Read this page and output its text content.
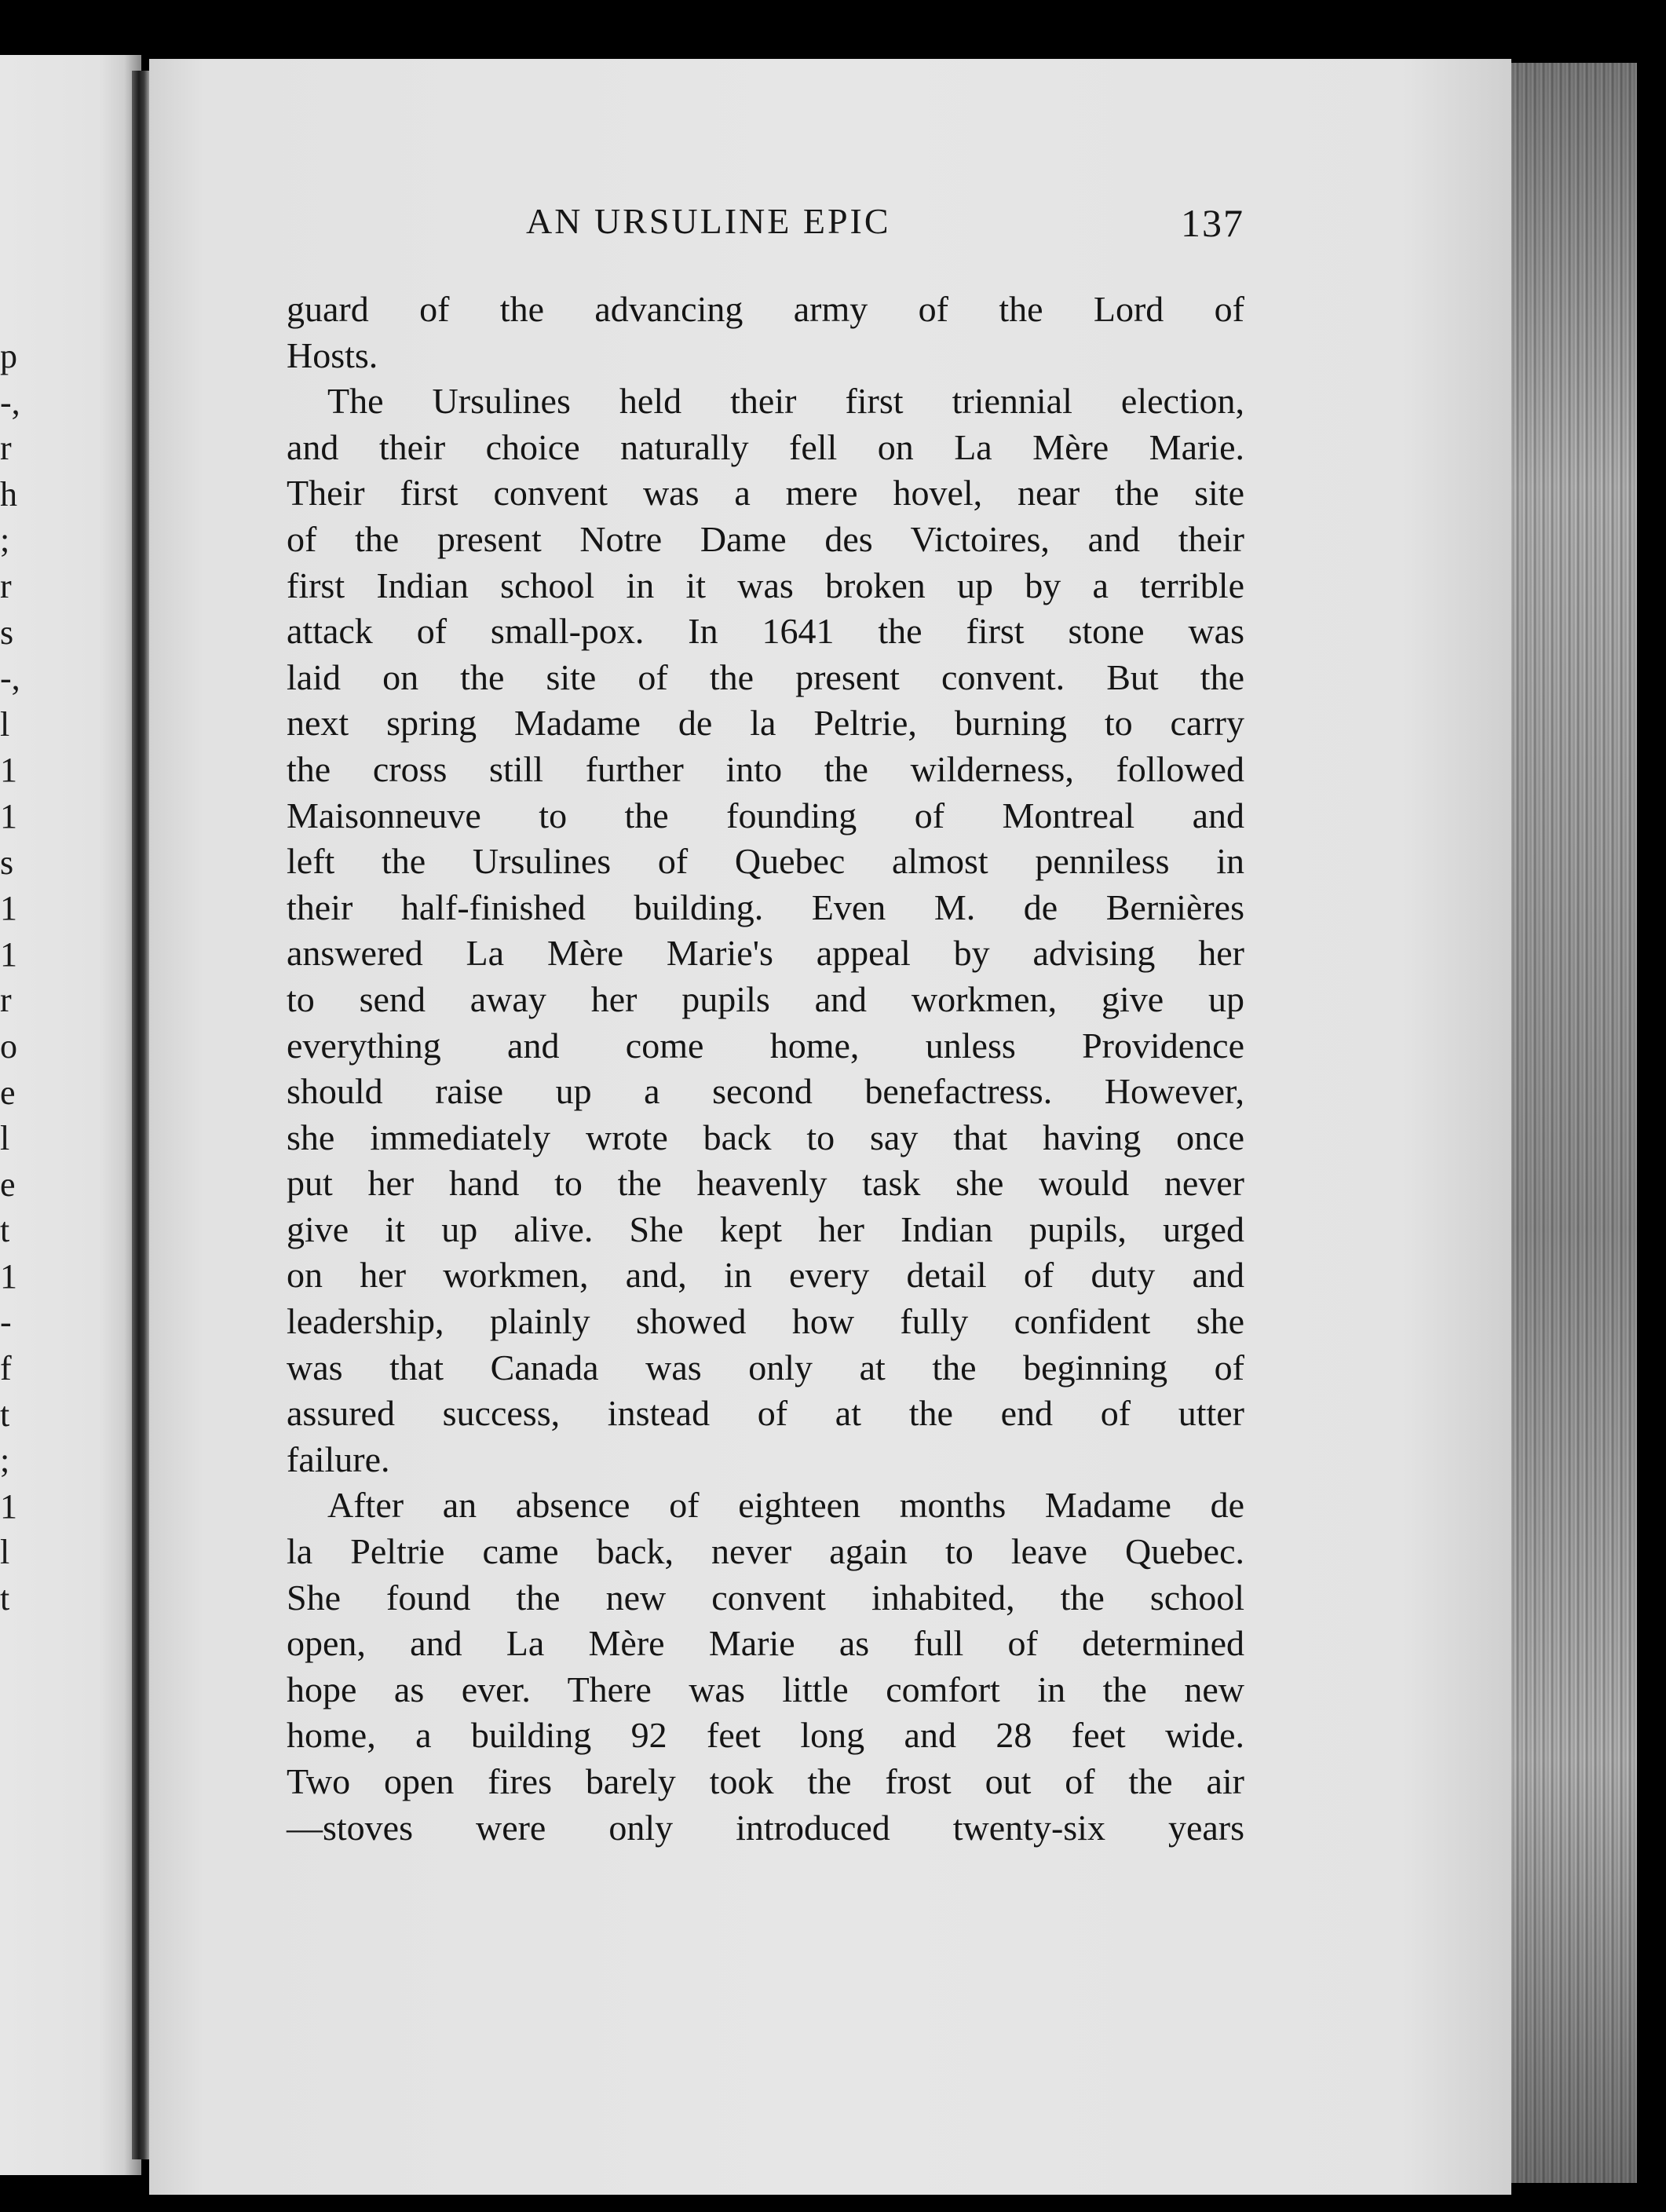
p
-,
r
h
;
r
s
-,
l
1
1
s
1
1
r
o
e
l
e
t
1
-
f
t
;
1
l
t
AN URSULINE EPIC	137
guard of the advancing army of the Lord of
Hosts.
The Ursulines held their first triennial election,
and their choice naturally fell on La Mère Marie.
Their first convent was a mere hovel, near the site
of the present Notre Dame des Victoires, and their
first Indian school in it was broken up by a terrible
attack of small-pox. In 1641 the first stone was
laid on the site of the present convent. But the
next spring Madame de la Peltrie, burning to carry
the cross still further into the wilderness, followed
Maisonneuve to the founding of Montreal and
left the Ursulines of Quebec almost penniless in
their half-finished building. Even M. de Bernières
answered La Mère Marie's appeal by advising her
to send away her pupils and workmen, give up
everything and come home, unless Providence
should raise up a second benefactress. However,
she immediately wrote back to say that having once
put her hand to the heavenly task she would never
give it up alive. She kept her Indian pupils, urged
on her workmen, and, in every detail of duty and
leadership, plainly showed how fully confident she
was that Canada was only at the beginning of
assured success, instead of at the end of utter
failure.
After an absence of eighteen months Madame de
la Peltrie came back, never again to leave Quebec.
She found the new convent inhabited, the school
open, and La Mère Marie as full of determined
hope as ever. There was little comfort in the new
home, a building 92 feet long and 28 feet wide.
Two open fires barely took the frost out of the air
—stoves were only introduced twenty-six years
